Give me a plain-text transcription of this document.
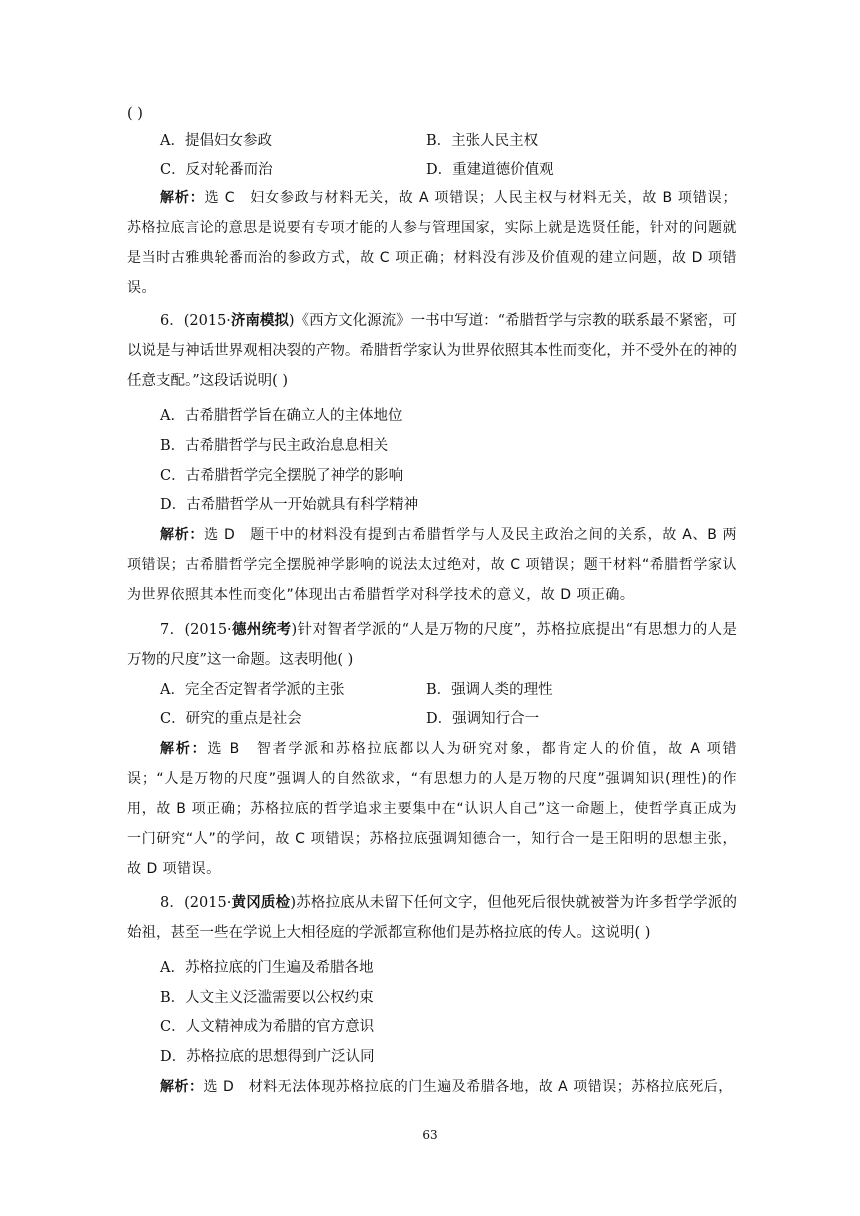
( )
A．提倡妇女参政	B．主张人民主权
C．反对轮番而治	D．重建道德价值观
解析：选 C　妇女参政与材料无关，故 A 项错误；人民主权与材料无关，故 B 项错误；苏格拉底言论的意思是说要有专项才能的人参与管理国家，实际上就是选贤任能，针对的问题就是当时古雅典轮番而治的参政方式，故 C 项正确；材料没有涉及价值观的建立问题，故 D 项错误。
6．(2015·济南模拟)《西方文化源流》一书中写道：“希腊哲学与宗教的联系最不紧密，可以说是与神话世界观相决裂的产物。希腊哲学家认为世界依照其本性而变化，并不受外在的神的任意支配。”这段话说明( )
A．古希腊哲学旨在确立人的主体地位
B．古希腊哲学与民主政治息息相关
C．古希腊哲学完全摆脱了神学的影响
D．古希腊哲学从一开始就具有科学精神
解析：选 D　题干中的材料没有提到古希腊哲学与人及民主政治之间的关系，故 A、B 两项错误；古希腊哲学完全摆脱神学影响的说法太过绝对，故 C 项错误；题干材料“希腊哲学家认为世界依照其本性而变化”体现出古希腊哲学对科学技术的意义，故 D 项正确。
7．(2015·德州统考)针对智者学派的“人是万物的尺度”，苏格拉底提出“有思想力的人是万物的尺度”这一命题。这表明他( )
A．完全否定智者学派的主张	B．强调人类的理性
C．研究的重点是社会	D．强调知行合一
解析：选 B　智者学派和苏格拉底都以人为研究对象，都肯定人的价值，故 A 项错误；“人是万物的尺度”强调人的自然欲求，“有思想力的人是万物的尺度”强调知识(理性)的作用，故 B 项正确；苏格拉底的哲学追求主要集中在“认识人自己”这一命题上，使哲学真正成为一门研究“人”的学问，故 C 项错误；苏格拉底强调知德合一，知行合一是王阳明的思想主张，故 D 项错误。
8．(2015·黄冈质检)苏格拉底从未留下任何文字，但他死后很快就被誉为许多哲学学派的始祖，甚至一些在学说上大相径庭的学派都宣称他们是苏格拉底的传人。这说明( )
A．苏格拉底的门生遍及希腊各地
B．人文主义泛滥需要以公权约束
C．人文精神成为希腊的官方意识
D．苏格拉底的思想得到广泛认同
解析：选 D　材料无法体现苏格拉底的门生遍及希腊各地，故 A 项错误；苏格拉底死后，
63
